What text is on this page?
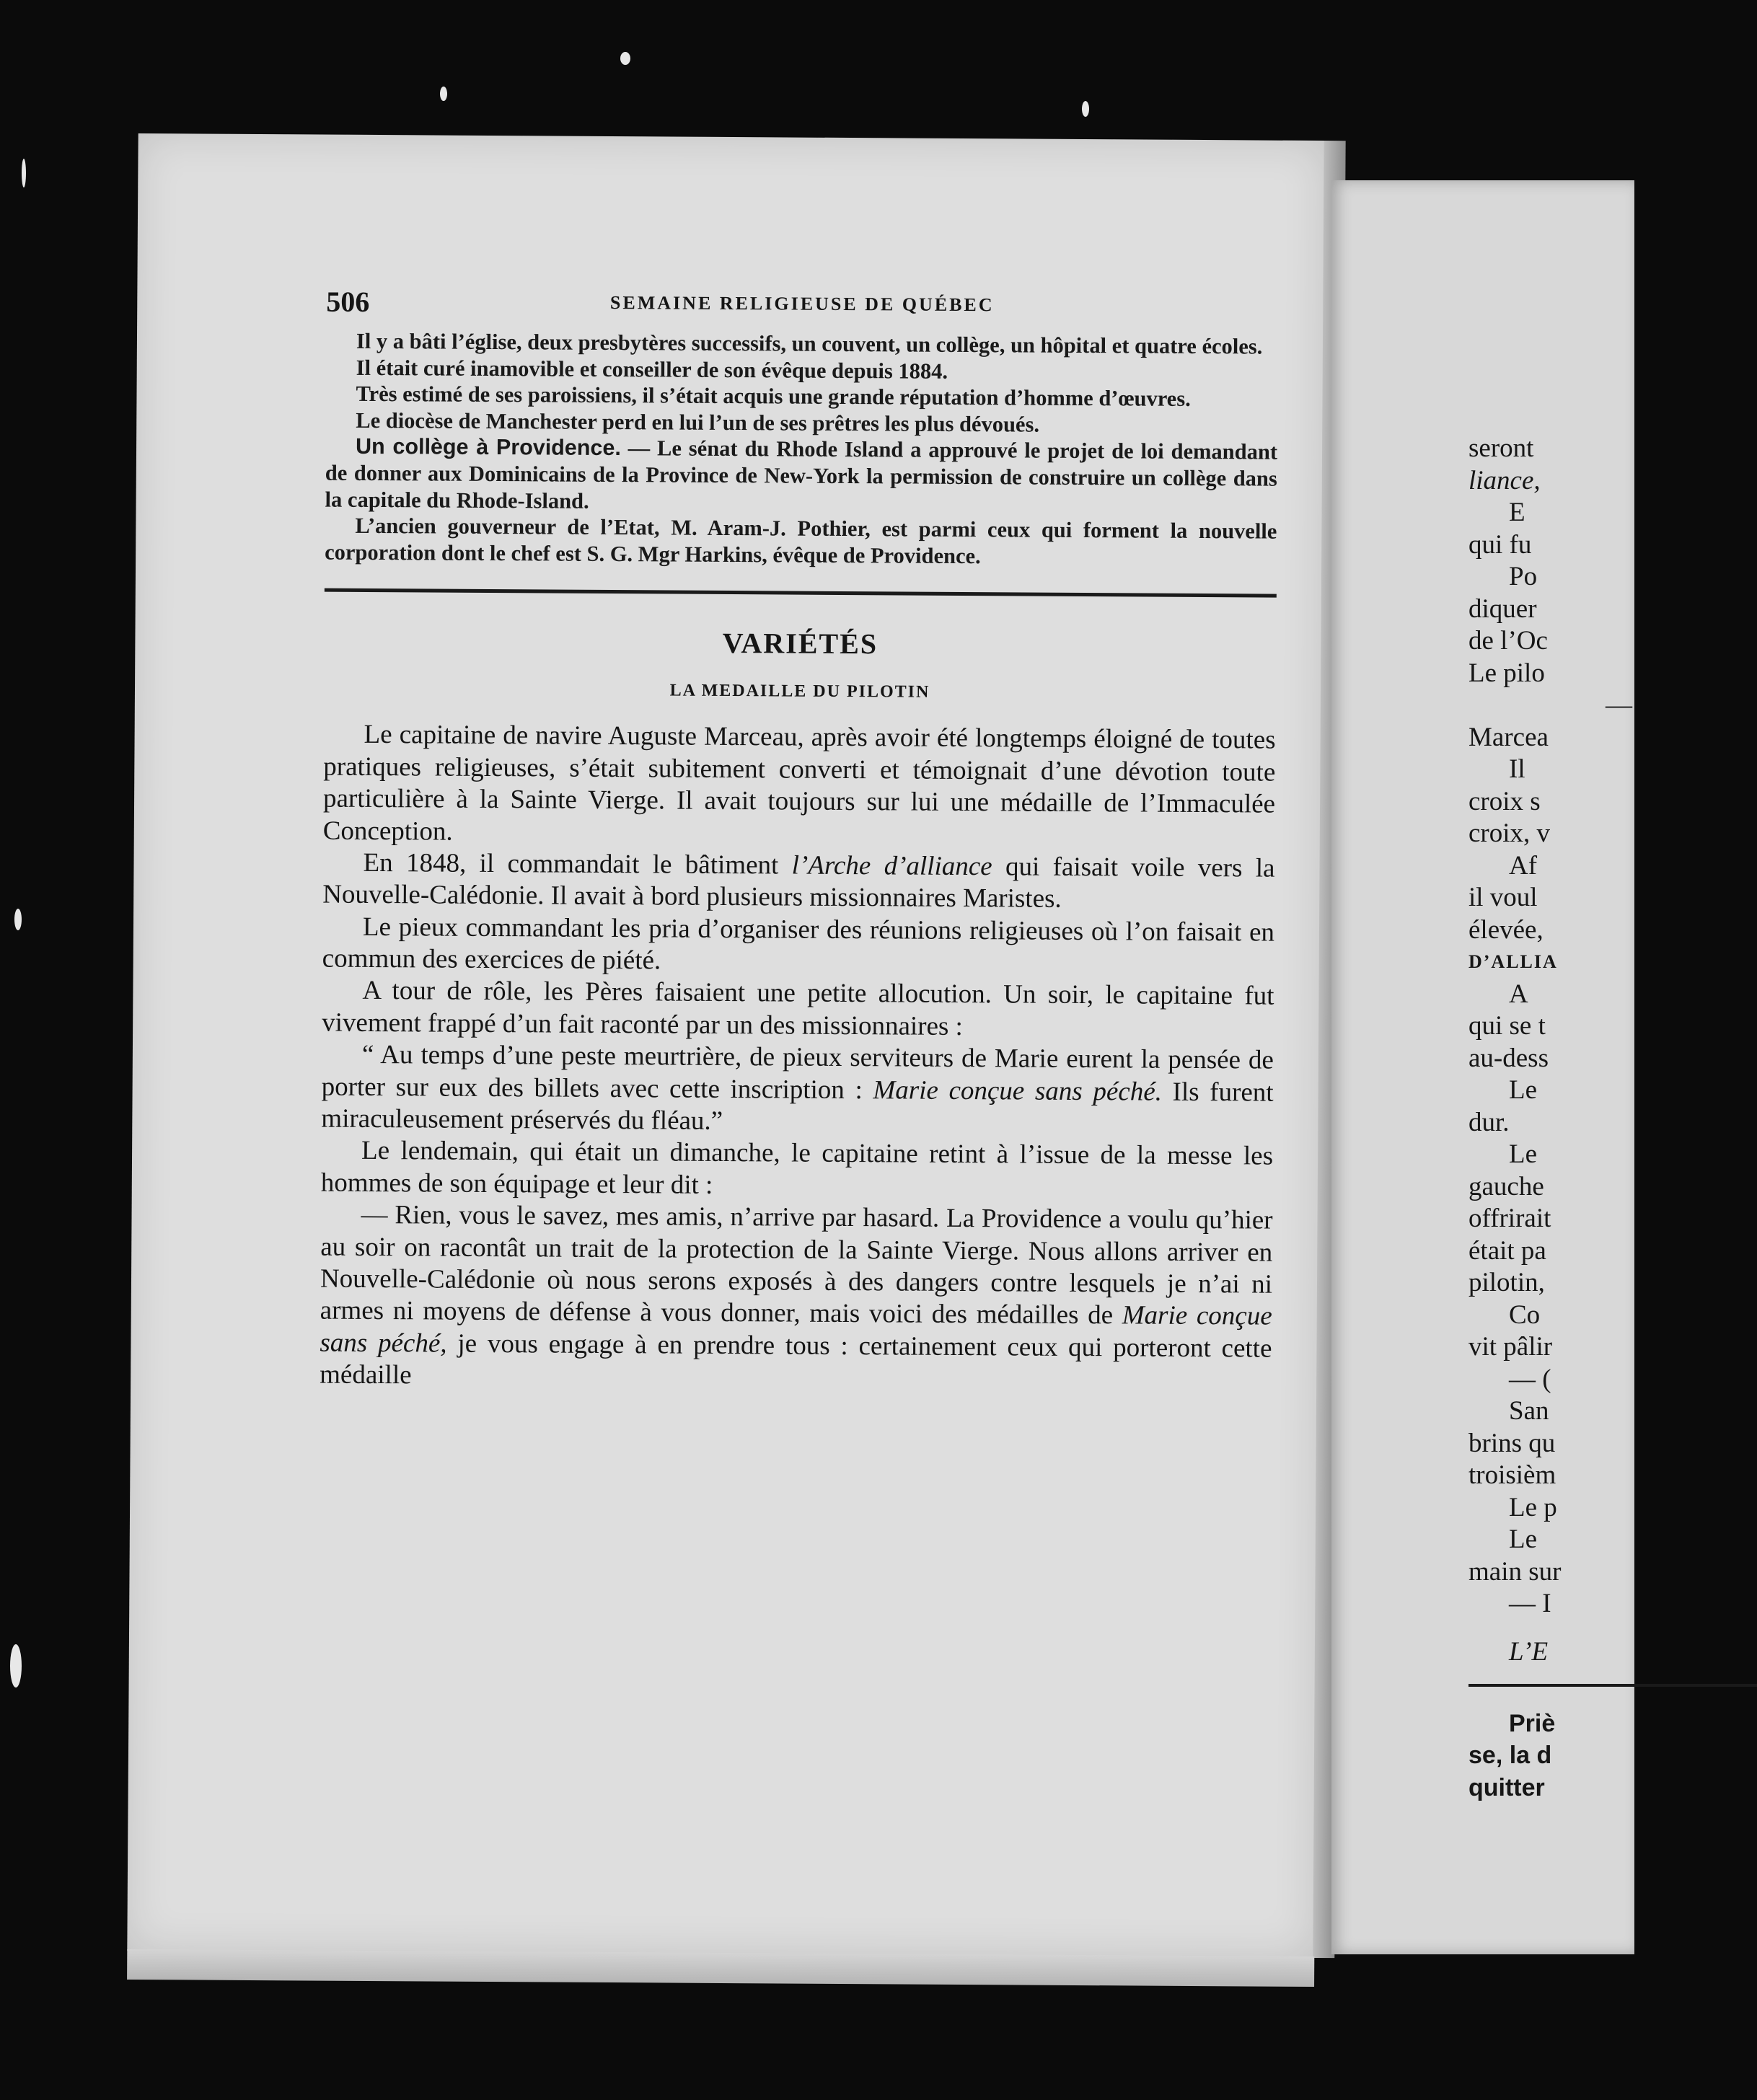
506	SEMAINE RELIGIEUSE DE QUÉBEC

Il y a bâti l’église, deux presbytères successifs, un couvent, un collège, un hôpital et quatre écoles.

Il était curé inamovible et conseiller de son évêque depuis 1884.

Très estimé de ses paroissiens, il s’était acquis une grande réputation d’homme d’œuvres.

Le diocèse de Manchester perd en lui l’un de ses prêtres les plus dévoués.

Un collège à Providence. — Le sénat du Rhode Island a approuvé le projet de loi demandant de donner aux Dominicains de la Province de New-York la permission de construire un collège dans la capitale du Rhode-Island.

L’ancien gouverneur de l’Etat, M. Aram-J. Pothier, est parmi ceux qui forment la nouvelle corporation dont le chef est S. G. Mgr Harkins, évêque de Providence.

VARIÉTÉS
LA MEDAILLE DU PILOTIN

Le capitaine de navire Auguste Marceau, après avoir été longtemps éloigné de toutes pratiques religieuses, s’était subitement converti et témoignait d’une dévotion toute particulière à la Sainte Vierge. Il avait toujours sur lui une médaille de l’Immaculée Conception.

En 1848, il commandait le bâtiment l’Arche d’alliance qui faisait voile vers la Nouvelle-Calédonie. Il avait à bord plusieurs missionnaires Maristes.

Le pieux commandant les pria d’organiser des réunions religieuses où l’on faisait en commun des exercices de piété.

A tour de rôle, les Pères faisaient une petite allocution. Un soir, le capitaine fut vivement frappé d’un fait raconté par un des missionnaires :

“ Au temps d’une peste meurtrière, de pieux serviteurs de Marie eurent la pensée de porter sur eux des billets avec cette inscription : Marie conçue sans péché. Ils furent miraculeusement préservés du fléau.”

Le lendemain, qui était un dimanche, le capitaine retint à l’issue de la messe les hommes de son équipage et leur dit :

— Rien, vous le savez, mes amis, n’arrive par hasard. La Providence a voulu qu’hier au soir on racontât un trait de la protection de la Sainte Vierge. Nous allons arriver en Nouvelle-Calédonie où nous serons exposés à des dangers contre lesquels je n’ai ni armes ni moyens de défense à vous donner, mais voici des médailles de Marie conçue sans péché, je vous engage à en prendre tous : certainement ceux qui porteront cette médaille

seront
liance,
E
qui fu
Po
diquer
de l’Oc
Le pilo
—
Marcea
Il
croix s
croix, v
Af
il voul
élevée,
D’ALLIA
A
qui se t
au-dess
Le
dur.
Le
gauche
offrirait
était pa
pilotin,
Co
vit pâlir
— (
San
brins qu
troisièm
Le p
Le
main sur
— I
L’E
Priè
se, la d
quitter
